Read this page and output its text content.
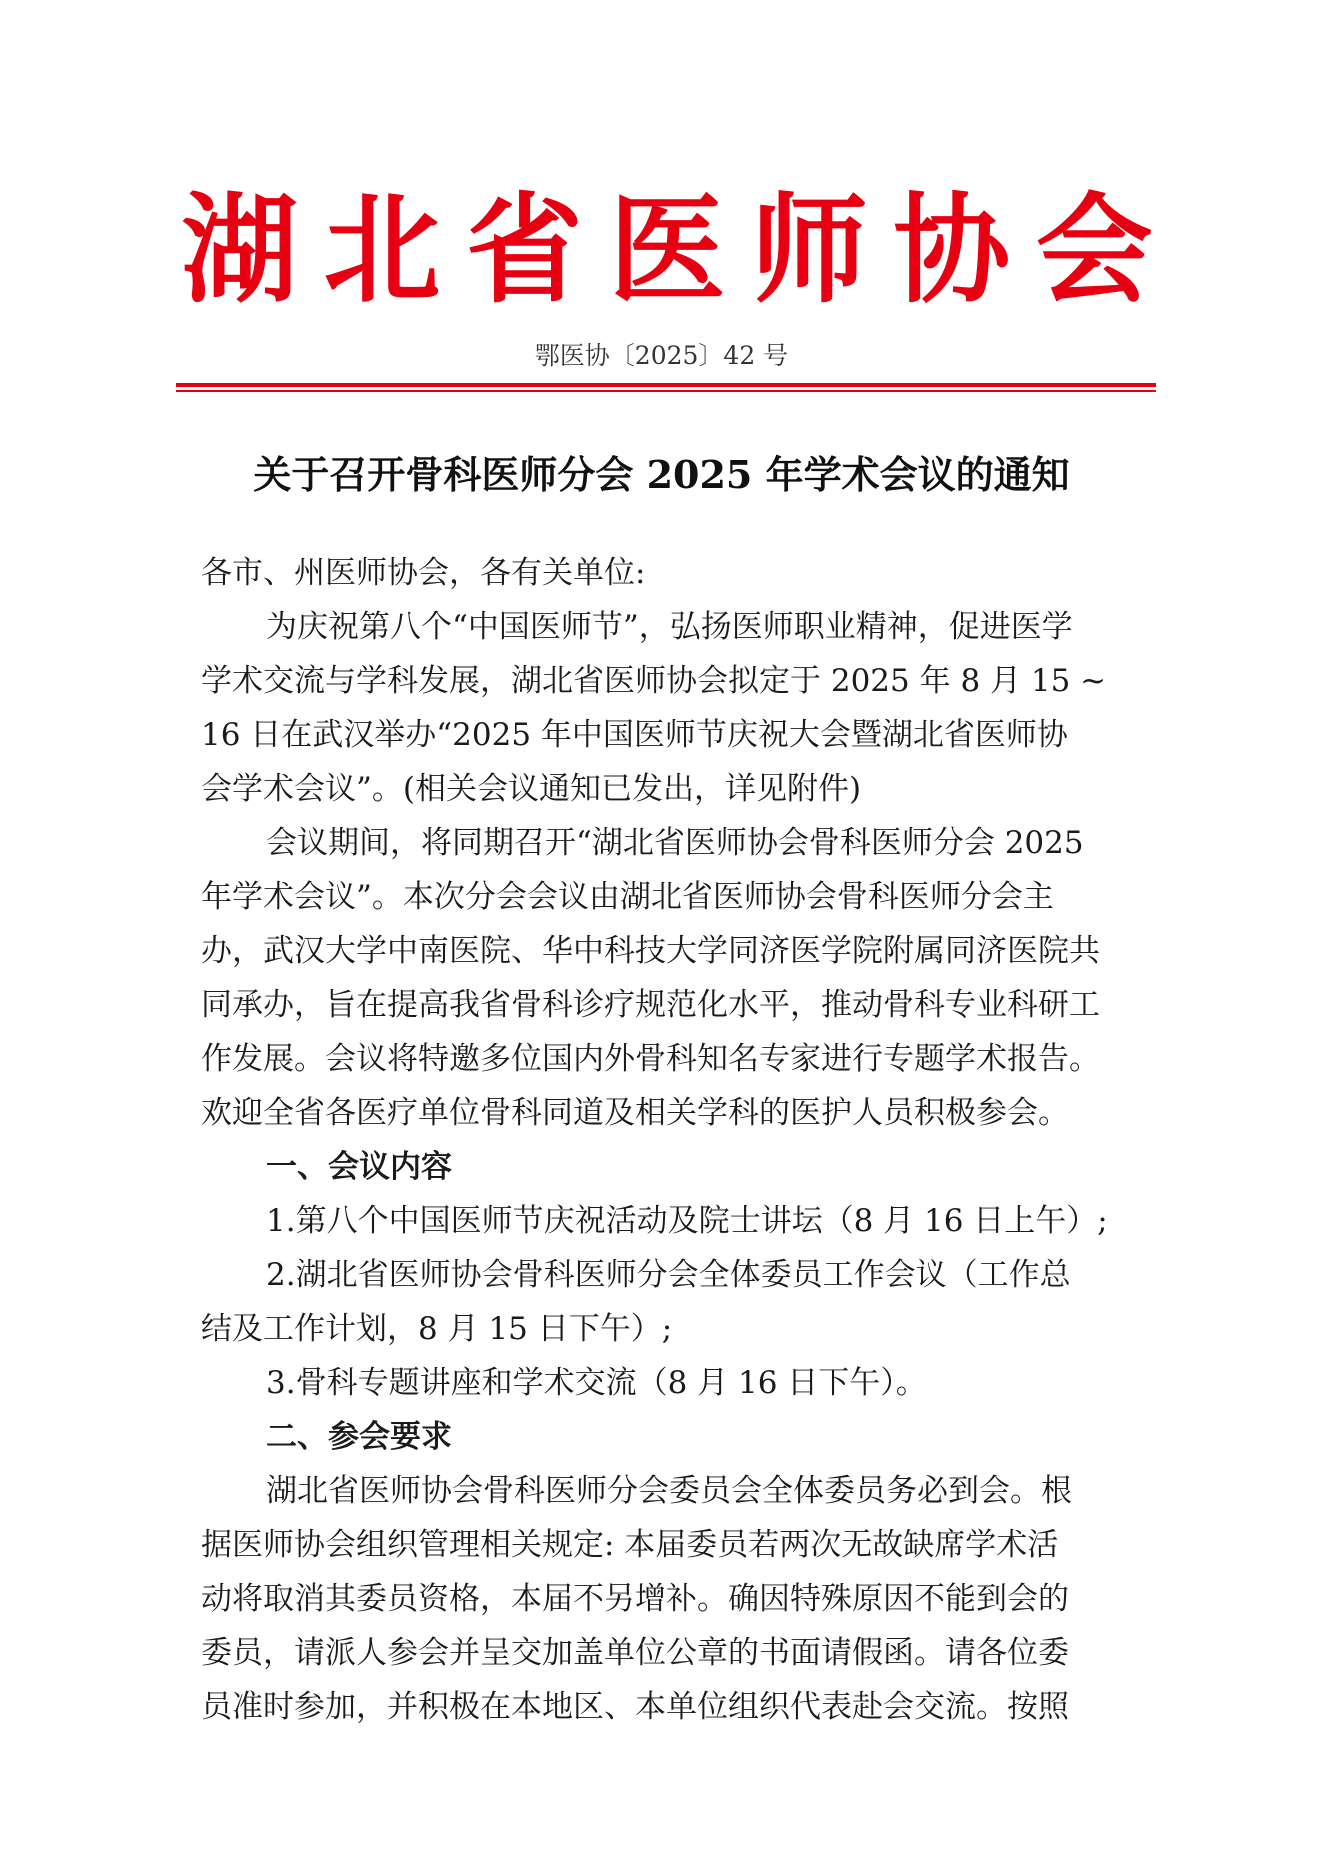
湖北省医师协会
鄂医协〔2025〕42 号
关于召开骨科医师分会 2025 年学术会议的通知

各市、州医师协会，各有关单位:

为庆祝第八个“中国医师节”，弘扬医师职业精神，促进医学

学术交流与学科发展，湖北省医师协会拟定于 2025 年 8 月 15 ~

16 日在武汉举办“2025 年中国医师节庆祝大会暨湖北省医师协

会学术会议”。(相关会议通知已发出，详见附件)

会议期间，将同期召开“湖北省医师协会骨科医师分会 2025

年学术会议”。本次分会会议由湖北省医师协会骨科医师分会主

办，武汉大学中南医院、华中科技大学同济医学院附属同济医院共

同承办，旨在提高我省骨科诊疗规范化水平，推动骨科专业科研工

作发展。会议将特邀多位国内外骨科知名专家进行专题学术报告。

欢迎全省各医疗单位骨科同道及相关学科的医护人员积极参会。

一、会议内容

1.第八个中国医师节庆祝活动及院士讲坛（8 月 16 日上午）;

2.湖北省医师协会骨科医师分会全体委员工作会议（工作总

结及工作计划，8 月 15 日下午）;

3.骨科专题讲座和学术交流（8 月 16 日下午）。

二、参会要求

湖北省医师协会骨科医师分会委员会全体委员务必到会。根

据医师协会组织管理相关规定: 本届委员若两次无故缺席学术活

动将取消其委员资格，本届不另增补。确因特殊原因不能到会的

委员，请派人参会并呈交加盖单位公章的书面请假函。请各位委

员准时参加，并积极在本地区、本单位组织代表赴会交流。按照
